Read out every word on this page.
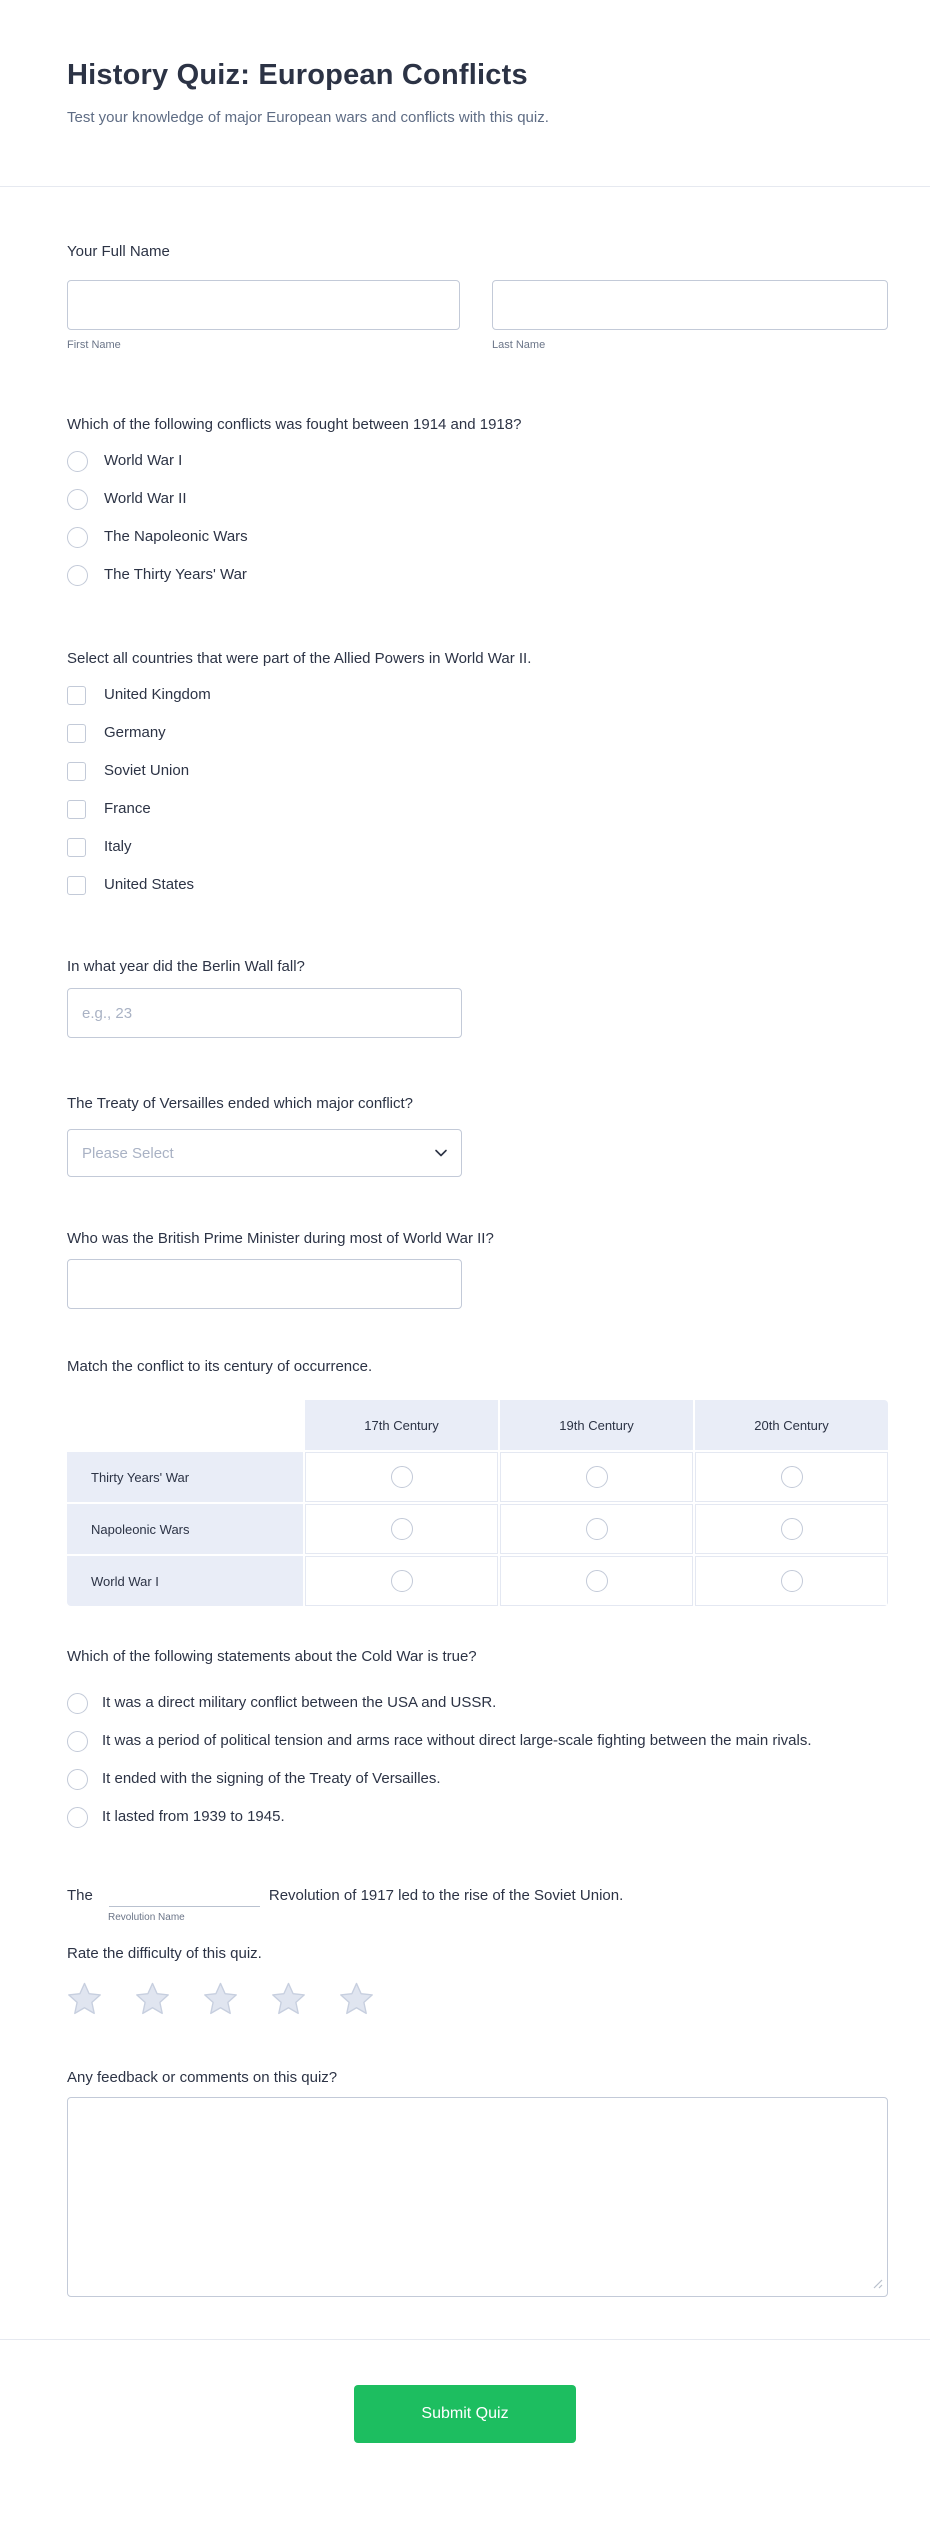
History Quiz: European Conflicts
Test your knowledge of major European wars and conflicts with this quiz.
Your Full Name
First Name	Last Name
Which of the following conflicts was fought between 1914 and 1918?
World War I
World War II
The Napoleonic Wars
The Thirty Years' War
Select all countries that were part of the Allied Powers in World War II.
United Kingdom
Germany
Soviet Union
France
Italy
United States
In what year did the Berlin Wall fall?
e.g., 23
The Treaty of Versailles ended which major conflict?
Please Select
Who was the British Prime Minister during most of World War II?
Match the conflict to its century of occurrence.
17th Century	19th Century	20th Century
Thirty Years' War
Napoleonic Wars
World War I
Which of the following statements about the Cold War is true?
It was a direct military conflict between the USA and USSR.
It was a period of political tension and arms race without direct large-scale fighting between the main rivals.
It ended with the signing of the Treaty of Versailles.
It lasted from 1939 to 1945.
The	Revolution of 1917 led to the rise of the Soviet Union.
Revolution Name
Rate the difficulty of this quiz.
Any feedback or comments on this quiz?
Submit Quiz
